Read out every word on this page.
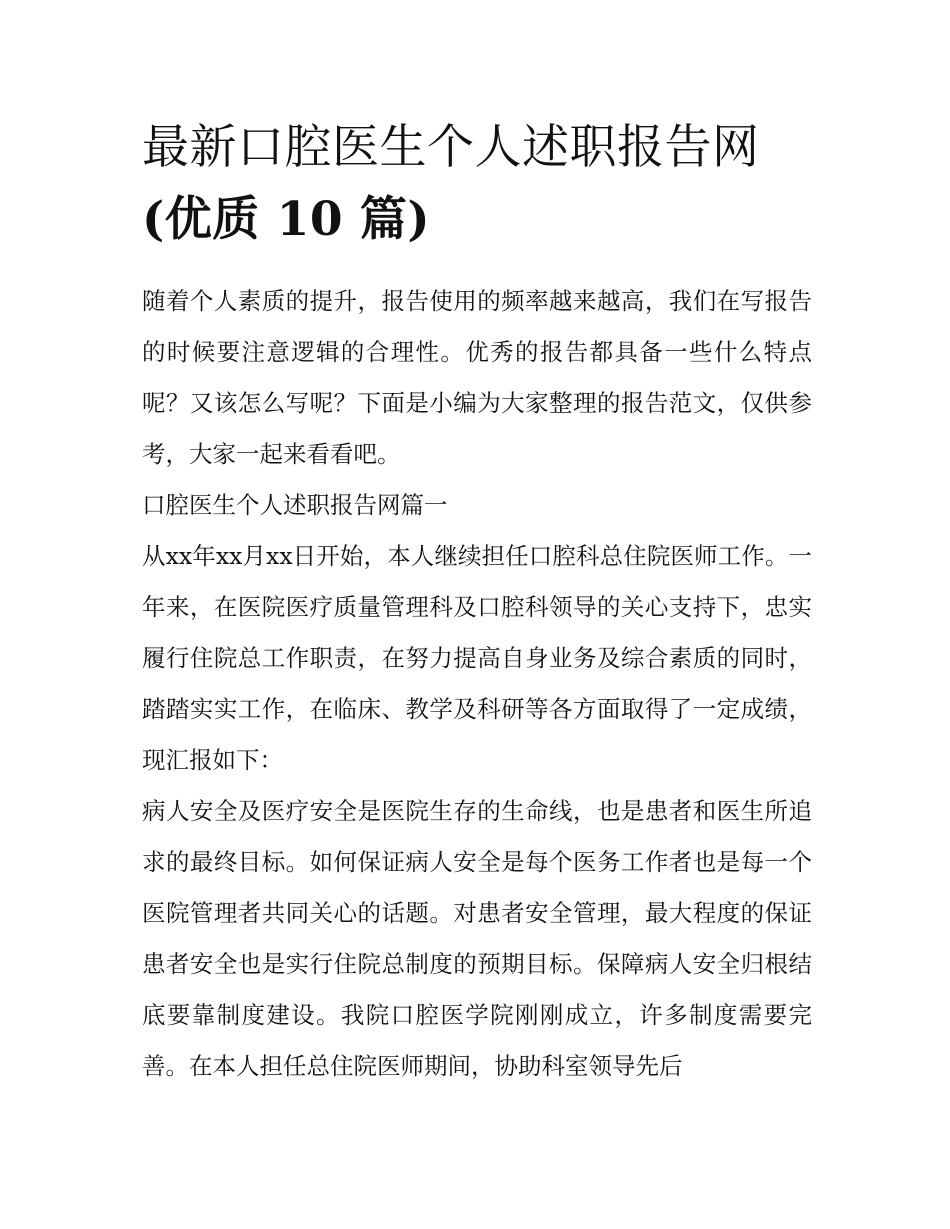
最新口腔医生个人述职报告网
(优质 10 篇)

随着个人素质的提升，报告使用的频率越来越高，我们在写报告的时候要注意逻辑的合理性。优秀的报告都具备一些什么特点呢？又该怎么写呢？下面是小编为大家整理的报告范文，仅供参考，大家一起来看看吧。

口腔医生个人述职报告网篇一

从xx年xx月xx日开始，本人继续担任口腔科总住院医师工作。一年来，在医院医疗质量管理科及口腔科领导的关心支持下，忠实履行住院总工作职责，在努力提高自身业务及综合素质的同时，踏踏实实工作，在临床、教学及科研等各方面取得了一定成绩，现汇报如下：

病人安全及医疗安全是医院生存的生命线，也是患者和医生所追求的最终目标。如何保证病人安全是每个医务工作者也是每一个医院管理者共同关心的话题。对患者安全管理，最大程度的保证患者安全也是实行住院总制度的预期目标。保障病人安全归根结底要靠制度建设。我院口腔医学院刚刚成立，许多制度需要完善。在本人担任总住院医师期间，协助科室领导先后
